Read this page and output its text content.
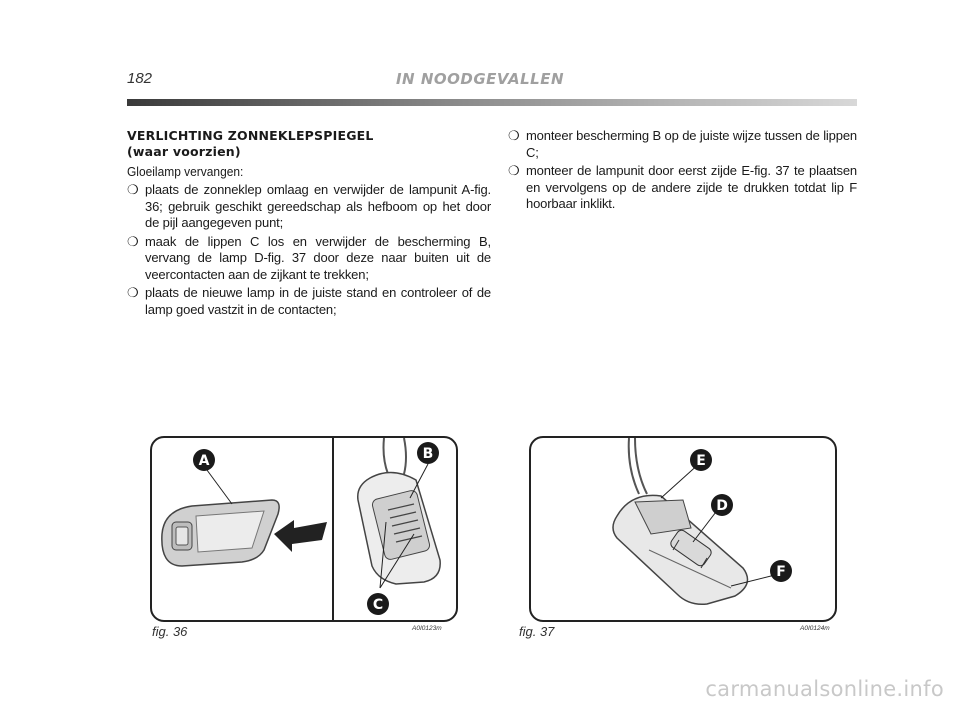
182	IN NOODGEVALLEN

VERLICHTING ZONNEKLEPSPIEGEL

(waar voorzien)

Gloeilamp vervangen:
❍ plaats de zonneklep omlaag en verwijder de lampunit A-fig. 36; gebruik geschikt gereedschap als hefboom op het door de pijl aangegeven punt;
❍ maak de lippen C los en verwijder de bescherming B, vervang de lamp D-fig. 37 door deze naar buiten uit de veercontacten aan de zijkant te trekken;
❍ plaats de nieuwe lamp in de juiste stand en controleer of de lamp goed vastzit in de contacten;
❍ monteer bescherming B op de juiste wijze tussen de lippen C;
❍ monteer de lampunit door eerst zijde E-fig. 37 te plaatsen en vervolgens op de andere zijde te drukken totdat lip F hoorbaar inklikt.
A	B
C
fig. 36	A0I0123m
E
D
F
fig. 37	A0I0124m
carmanualsonline.info
